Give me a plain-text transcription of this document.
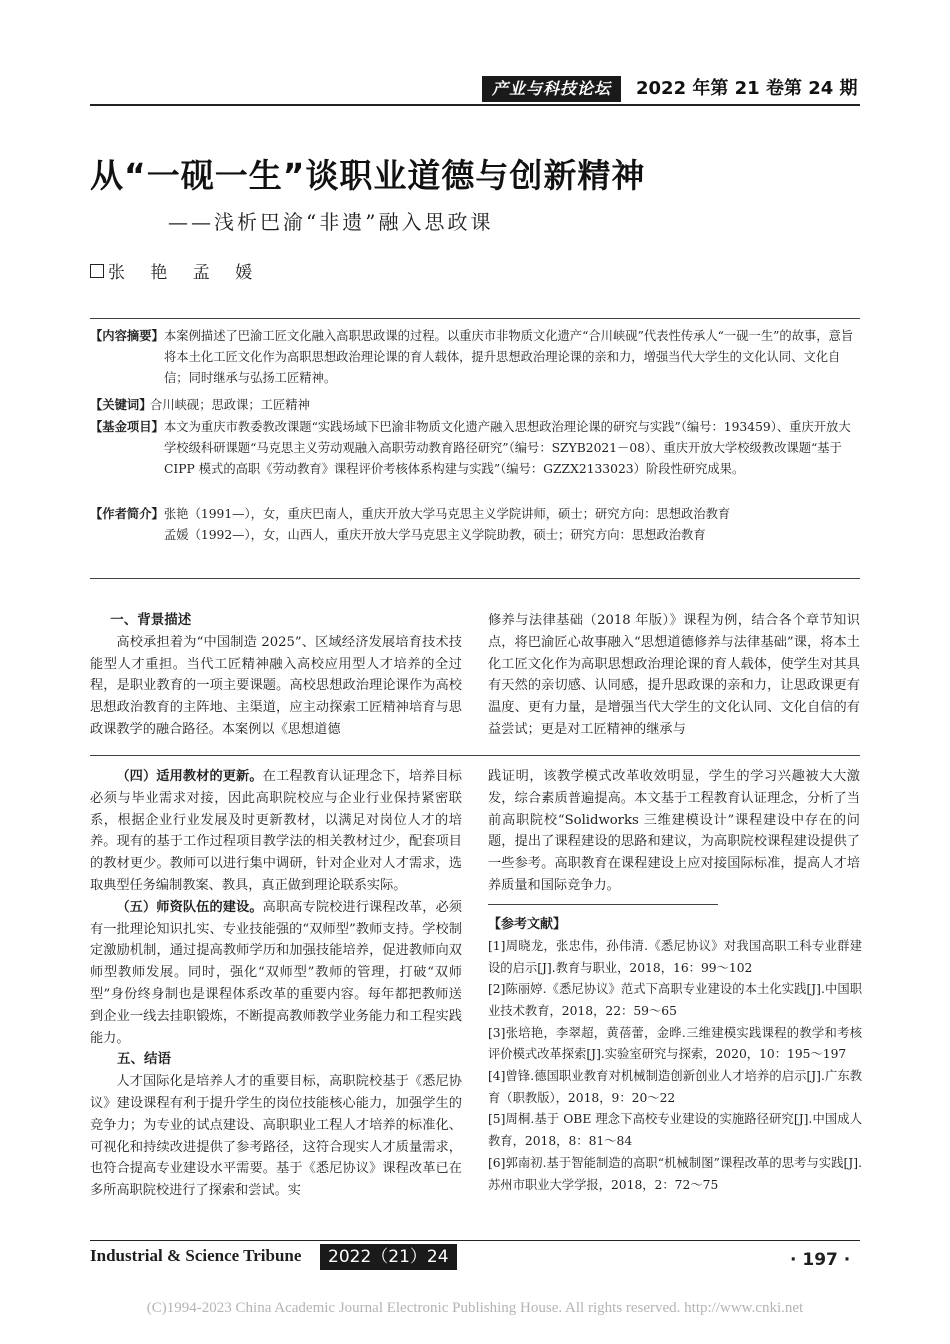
产业与科技论坛	2022 年第 21 卷第 24 期
从“一砚一生”谈职业道德与创新精神
——浅析巴渝“非遗”融入思政课
张 艳 孟 媛
【内容摘要】 本案例描述了巴渝工匠文化融入高职思政课的过程。以重庆市非物质文化遗产“合川峡砚”代表性传承人“一砚一生”的故事，意旨将本土化工匠文化作为高职思想政治理论课的育人载体，提升思想政治理论课的亲和力，增强当代大学生的文化认同、文化自信；同时继承与弘扬工匠精神。
【关键词】
合川峡砚；思政课；工匠精神
【基金项目】 本文为重庆市教委教改课题“实践场域下巴渝非物质文化遗产融入思想政治理论课的研究与实践”（编号：193459）、重庆开放大学校级科研课题“马克思主义劳动观融入高职劳动教育路径研究”（编号：SZYB2021－08）、重庆开放大学校级教改课题“基于 CIPP 模式的高职《劳动教育》课程评价考核体系构建与实践”（编号：GZZX2133023）阶段性研究成果。
【作者简介】 张艳（1991—），女，重庆巴南人，重庆开放大学马克思主义学院讲师，硕士；研究方向：思想政治教育
孟媛（1992—），女，山西人，重庆开放大学马克思主义学院助教，硕士；研究方向：思想政治教育

一、背景描述

高校承担着为“中国制造 2025”、区域经济发展培育技术技能型人才重担。当代工匠精神融入高校应用型人才培养的全过程，是职业教育的一项主要课题。高校思想政治理论课作为高校思想政治教育的主阵地、主渠道，应主动探索工匠精神培育与思政课教学的融合路径。本案例以《思想道德

修养与法律基础（2018 年版）》课程为例，结合各个章节知识点，将巴渝匠心故事融入“思想道德修养与法律基础”课，将本土化工匠文化作为高职思想政治理论课的育人载体，使学生对其具有天然的亲切感、认同感，提升思政课的亲和力，让思政课更有温度、更有力量，是增强当代大学生的文化认同、文化自信的有益尝试；更是对工匠精神的继承与

（四）适用教材的更新。在工程教育认证理念下，培养目标必须与毕业需求对接，因此高职院校应与企业行业保持紧密联系，根据企业行业发展及时更新教材，以满足对岗位人才的培养。现有的基于工作过程项目教学法的相关教材过少，配套项目的教材更少。教师可以进行集中调研，针对企业对人才需求，选取典型任务编制教案、教具，真正做到理论联系实际。

（五）师资队伍的建设。高职高专院校进行课程改革，必须有一批理论知识扎实、专业技能强的“双师型”教师支持。学校制定激励机制，通过提高教师学历和加强技能培养，促进教师向双师型教师发展。同时，强化“双师型”教师的管理，打破“双师型”身份终身制也是课程体系改革的重要内容。每年都把教师送到企业一线去挂职锻炼，不断提高教师教学业务能力和工程实践能力。

五、结语

人才国际化是培养人才的重要目标，高职院校基于《悉尼协议》建设课程有利于提升学生的岗位技能核心能力，加强学生的竞争力；为专业的试点建设、高职职业工程人才培养的标准化、可视化和持续改进提供了参考路径，这符合现实人才质量需求，也符合提高专业建设水平需要。基于《悉尼协议》课程改革已在多所高职院校进行了探索和尝试。实

践证明，该教学模式改革收效明显，学生的学习兴趣被大大激发，综合素质普遍提高。本文基于工程教育认证理念，分析了当前高职院校“Solidworks 三维建模设计”课程建设中存在的问题，提出了课程建设的思路和建议，为高职院校课程建设提供了一些参考。高职教育在课程建设上应对接国际标准，提高人才培养质量和国际竞争力。

【参考文献】

[1]周晓龙，张忠伟，孙伟清.《悉尼协议》对我国高职工科专业群建设的启示[J].教育与职业，2018，16：99～102

[2]陈丽婷.《悉尼协议》范式下高职专业建设的本土化实践[J].中国职业技术教育，2018，22：59～65

[3]张培艳，李翠超，黄蓓蕾，金晔.三维建模实践课程的教学和考核评价模式改革探索[J].实验室研究与探索，2020，10：195～197

[4]曾锋.德国职业教育对机械制造创新创业人才培养的启示[J].广东教育（职教版），2018，9：20～22

[5]周桐.基于 OBE 理念下高校专业建设的实施路径研究[J].中国成人教育，2018，8：81～84

[6]郭南初.基于智能制造的高职“机械制图”课程改革的思考与实践[J].苏州市职业大学学报，2018，2：72～75

Industrial & Science Tribune	2022（21）24	· 197 ·
(C)1994-2023 China Academic Journal Electronic Publishing House. All rights reserved. http://www.cnki.net
